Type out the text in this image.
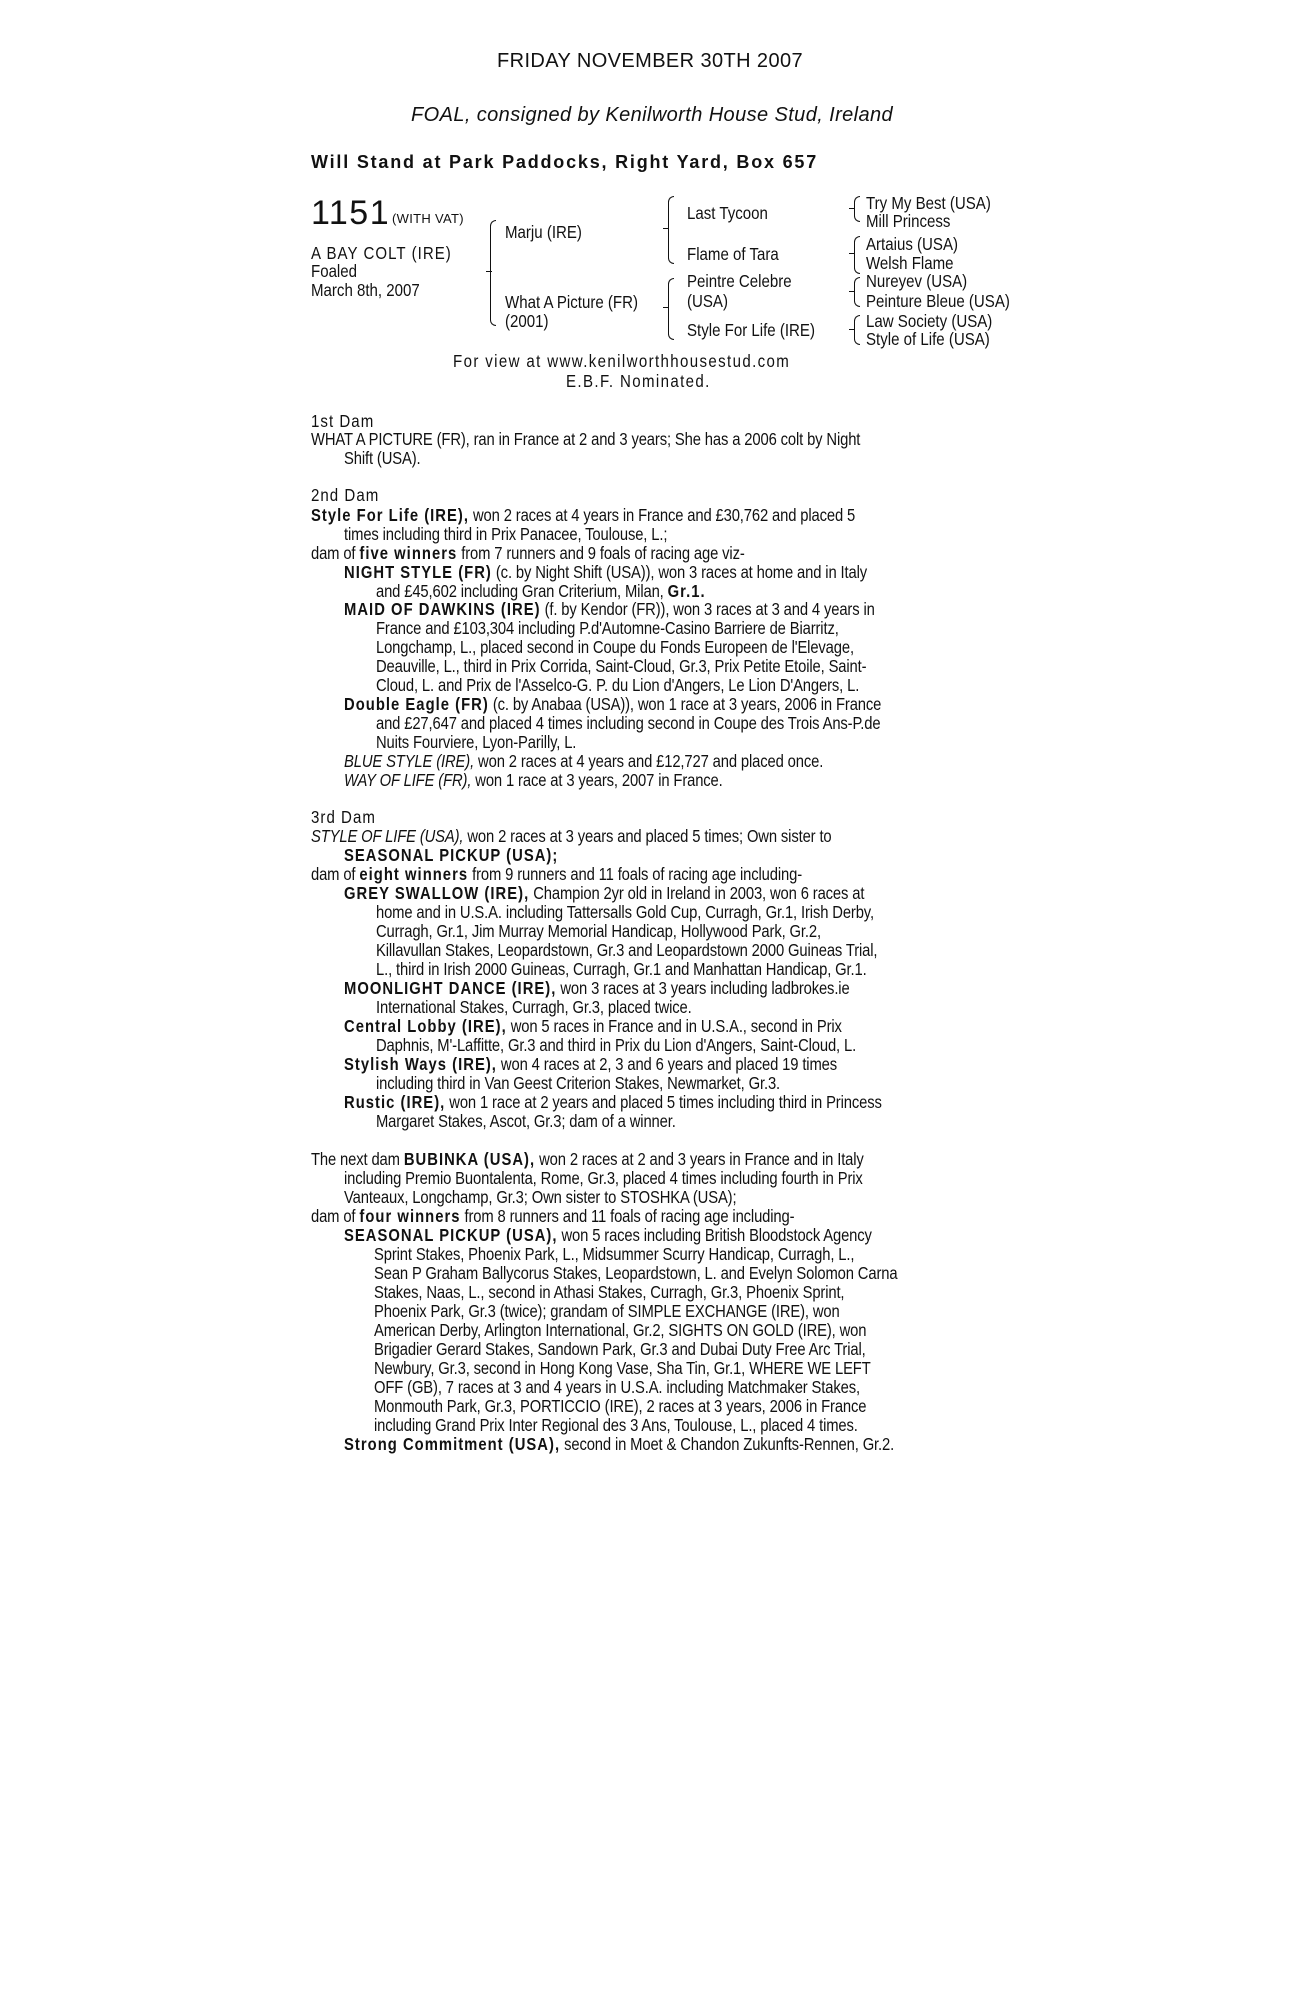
FRIDAY NOVEMBER 30TH 2007
FOAL, consigned by Kenilworth House Stud, Ireland
Will Stand at Park Paddocks, Right Yard, Box 657
1151 (WITH VAT)
A BAY COLT (IRE)
Foaled
March 8th, 2007
Marju (IRE)
What A Picture (FR)
(2001)
Last Tycoon
Flame of Tara
Peintre Celebre
(USA)
Style For Life (IRE)
Try My Best (USA)
Mill Princess
Artaius (USA)
Welsh Flame
Nureyev (USA)
Peinture Bleue (USA)
Law Society (USA)
Style of Life (USA)
For view at www.kenilworthhousestud.com
E.B.F. Nominated.
1st Dam
WHAT A PICTURE (FR), ran in France at 2 and 3 years; She has a 2006 colt by Night
Shift (USA).
2nd Dam
Style For Life (IRE), won 2 races at 4 years in France and £30,762 and placed 5
times including third in Prix Panacee, Toulouse, L.;
dam of five winners from 7 runners and 9 foals of racing age viz-
NIGHT STYLE (FR) (c. by Night Shift (USA)), won 3 races at home and in Italy
and £45,602 including Gran Criterium, Milan, Gr.1.
MAID OF DAWKINS (IRE) (f. by Kendor (FR)), won 3 races at 3 and 4 years in
France and £103,304 including P.d'Automne-Casino Barriere de Biarritz,
Longchamp, L., placed second in Coupe du Fonds Europeen de l'Elevage,
Deauville, L., third in Prix Corrida, Saint-Cloud, Gr.3, Prix Petite Etoile, Saint-
Cloud, L. and Prix de l'Asselco-G. P. du Lion d'Angers, Le Lion D'Angers, L.
Double Eagle (FR) (c. by Anabaa (USA)), won 1 race at 3 years, 2006 in France
and £27,647 and placed 4 times including second in Coupe des Trois Ans-P.de
Nuits Fourviere, Lyon-Parilly, L.
BLUE STYLE (IRE), won 2 races at 4 years and £12,727 and placed once.
WAY OF LIFE (FR), won 1 race at 3 years, 2007 in France.
3rd Dam
STYLE OF LIFE (USA), won 2 races at 3 years and placed 5 times; Own sister to
SEASONAL PICKUP (USA);
dam of eight winners from 9 runners and 11 foals of racing age including-
GREY SWALLOW (IRE), Champion 2yr old in Ireland in 2003, won 6 races at
home and in U.S.A. including Tattersalls Gold Cup, Curragh, Gr.1, Irish Derby,
Curragh, Gr.1, Jim Murray Memorial Handicap, Hollywood Park, Gr.2,
Killavullan Stakes, Leopardstown, Gr.3 and Leopardstown 2000 Guineas Trial,
L., third in Irish 2000 Guineas, Curragh, Gr.1 and Manhattan Handicap, Gr.1.
MOONLIGHT DANCE (IRE), won 3 races at 3 years including ladbrokes.ie
International Stakes, Curragh, Gr.3, placed twice.
Central Lobby (IRE), won 5 races in France and in U.S.A., second in Prix
Daphnis, M'-Laffitte, Gr.3 and third in Prix du Lion d'Angers, Saint-Cloud, L.
Stylish Ways (IRE), won 4 races at 2, 3 and 6 years and placed 19 times
including third in Van Geest Criterion Stakes, Newmarket, Gr.3.
Rustic (IRE), won 1 race at 2 years and placed 5 times including third in Princess
Margaret Stakes, Ascot, Gr.3; dam of a winner.
The next dam BUBINKA (USA), won 2 races at 2 and 3 years in France and in Italy
including Premio Buontalenta, Rome, Gr.3, placed 4 times including fourth in Prix
Vanteaux, Longchamp, Gr.3; Own sister to STOSHKA (USA);
dam of four winners from 8 runners and 11 foals of racing age including-
SEASONAL PICKUP (USA), won 5 races including British Bloodstock Agency
Sprint Stakes, Phoenix Park, L., Midsummer Scurry Handicap, Curragh, L.,
Sean P Graham Ballycorus Stakes, Leopardstown, L. and Evelyn Solomon Carna
Stakes, Naas, L., second in Athasi Stakes, Curragh, Gr.3, Phoenix Sprint,
Phoenix Park, Gr.3 (twice); grandam of SIMPLE EXCHANGE (IRE), won
American Derby, Arlington International, Gr.2, SIGHTS ON GOLD (IRE), won
Brigadier Gerard Stakes, Sandown Park, Gr.3 and Dubai Duty Free Arc Trial,
Newbury, Gr.3, second in Hong Kong Vase, Sha Tin, Gr.1, WHERE WE LEFT
OFF (GB), 7 races at 3 and 4 years in U.S.A. including Matchmaker Stakes,
Monmouth Park, Gr.3, PORTICCIO (IRE), 2 races at 3 years, 2006 in France
including Grand Prix Inter Regional des 3 Ans, Toulouse, L., placed 4 times.
Strong Commitment (USA), second in Moet & Chandon Zukunfts-Rennen, Gr.2.
